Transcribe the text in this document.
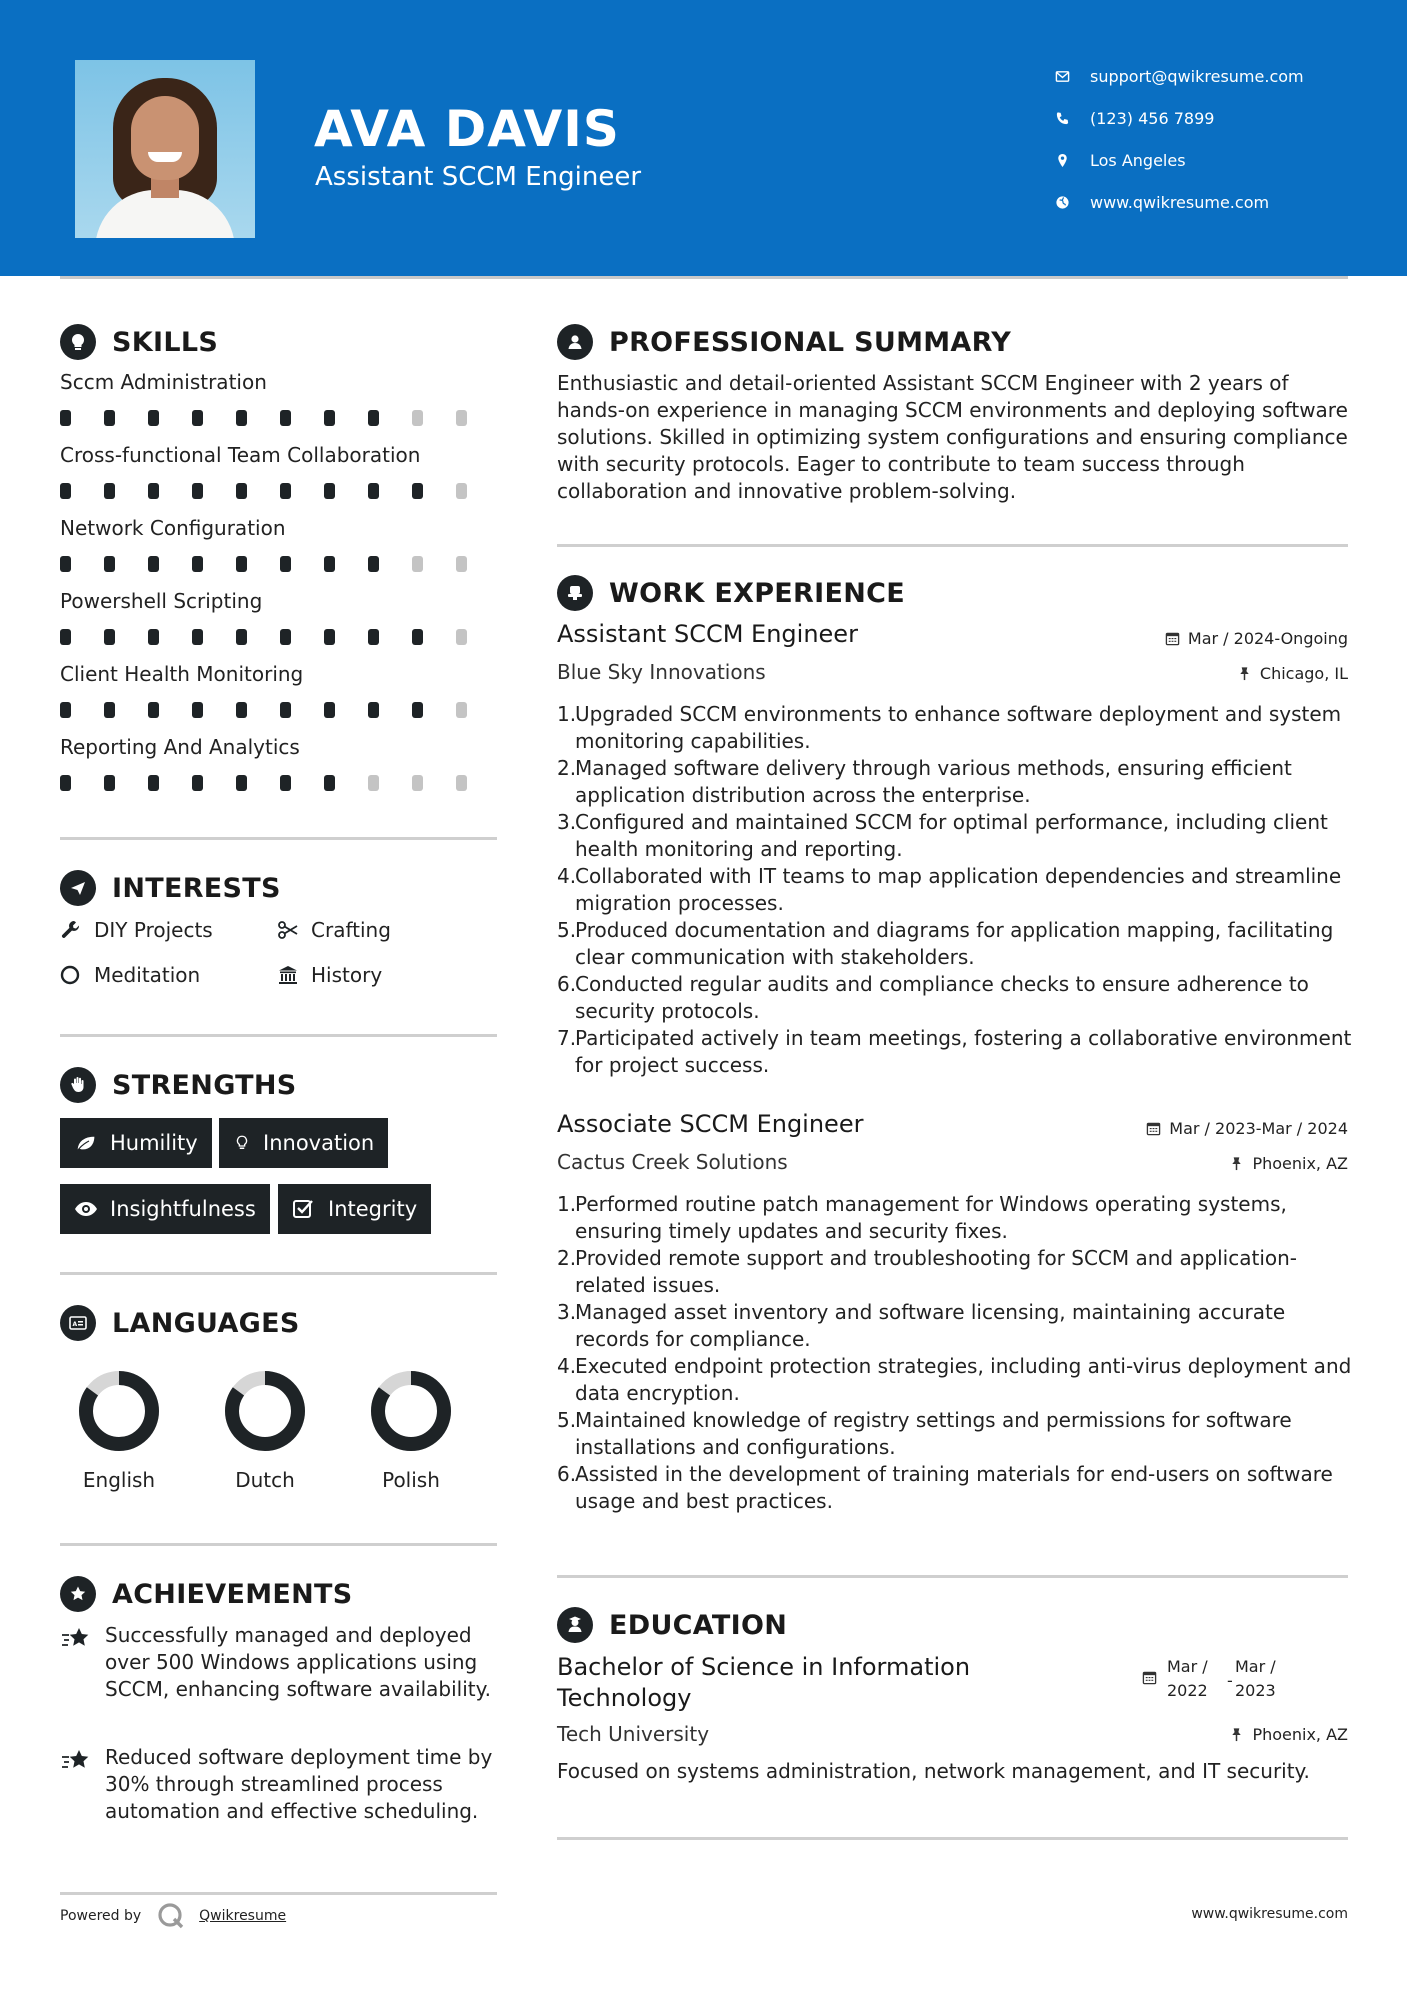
AVA DAVIS
Assistant SCCM Engineer
support@qwikresume.com
(123) 456 7899
Los Angeles
www.qwikresume.com
SKILLS
Sccm Administration
Cross-functional Team Collaboration
Network Configuration
Powershell Scripting
Client Health Monitoring
Reporting And Analytics
INTERESTS
DIY Projects	Crafting
Meditation	History
STRENGTHS
Humility	Innovation
Insightfulness	Integrity
A LANGUAGES
English	Dutch	Polish
ACHIEVEMENTS
Successfully managed and deployed over 500 Windows applications using SCCM, enhancing software availability.
Reduced software deployment time by 30% through streamlined process automation and effective scheduling.
Powered by	Qwikresume	www.qwikresume.com
PROFESSIONAL SUMMARY
Enthusiastic and detail-oriented Assistant SCCM Engineer with 2 years of hands-on experience in managing SCCM environments and deploying software solutions. Skilled in optimizing system configurations and ensuring compliance with security protocols. Eager to contribute to team success through collaboration and innovative problem-solving.
WORK EXPERIENCE
Assistant SCCM Engineer	Mar / 2024-Ongoing
Blue Sky Innovations	Chicago, IL
1.
Upgraded SCCM environments to enhance software deployment and system monitoring capabilities.
2.
Managed software delivery through various methods, ensuring efficient application distribution across the enterprise.
3.
Configured and maintained SCCM for optimal performance, including client health monitoring and reporting.
4.
Collaborated with IT teams to map application dependencies and streamline migration processes.
5.
Produced documentation and diagrams for application mapping, facilitating clear communication with stakeholders.
6.
Conducted regular audits and compliance checks to ensure adherence to security protocols.
7.
Participated actively in team meetings, fostering a collaborative environment for project success.
Associate SCCM Engineer	Mar / 2023-Mar / 2024
Cactus Creek Solutions	Phoenix, AZ
1.
Performed routine patch management for Windows operating systems, ensuring timely updates and security fixes.
2.
Provided remote support and troubleshooting for SCCM and application-related issues.
3.
Managed asset inventory and software licensing, maintaining accurate records for compliance.
4.
Executed endpoint protection strategies, including anti-virus deployment and data encryption.
5.
Maintained knowledge of registry settings and permissions for software installations and configurations.
6.
Assisted in the development of training materials for end-users on software usage and best practices.
EDUCATION
Bachelor of Science in Information Technology
Mar /
2022
-
Mar /
2023
Tech University	Phoenix, AZ
Focused on systems administration, network management, and IT security.
